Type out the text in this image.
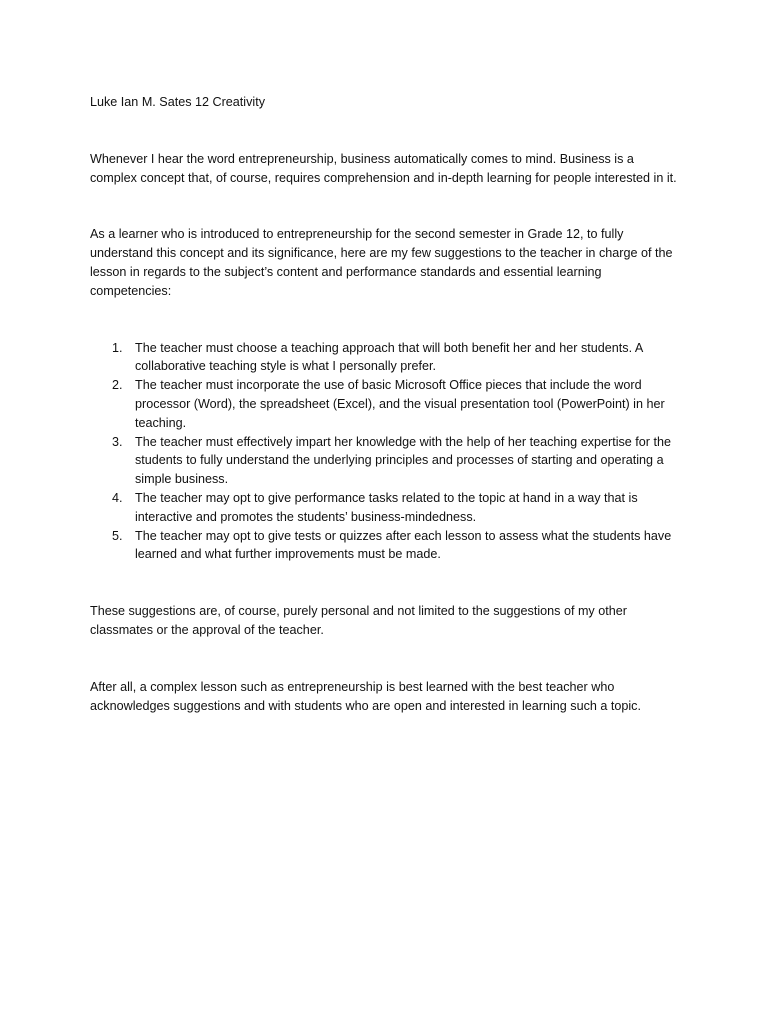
Luke Ian M. Sates 12 Creativity

Whenever I hear the word entrepreneurship, business automatically comes to mind. Business is a complex concept that, of course, requires comprehension and in-depth learning for people interested in it.

As a learner who is introduced to entrepreneurship for the second semester in Grade 12, to fully understand this concept and its significance, here are my few suggestions to the teacher in charge of the lesson in regards to the subject’s content and performance standards and essential learning competencies:

1. The teacher must choose a teaching approach that will both benefit her and her students. A collaborative teaching style is what I personally prefer.
2. The teacher must incorporate the use of basic Microsoft Office pieces that include the word processor (Word), the spreadsheet (Excel), and the visual presentation tool (PowerPoint) in her teaching.
3. The teacher must effectively impart her knowledge with the help of her teaching expertise for the students to fully understand the underlying principles and processes of starting and operating a simple business.
4. The teacher may opt to give performance tasks related to the topic at hand in a way that is interactive and promotes the students’ business-mindedness.
5. The teacher may opt to give tests or quizzes after each lesson to assess what the students have learned and what further improvements must be made.

These suggestions are, of course, purely personal and not limited to the suggestions of my other classmates or the approval of the teacher.

After all, a complex lesson such as entrepreneurship is best learned with the best teacher who acknowledges suggestions and with students who are open and interested in learning such a topic.
